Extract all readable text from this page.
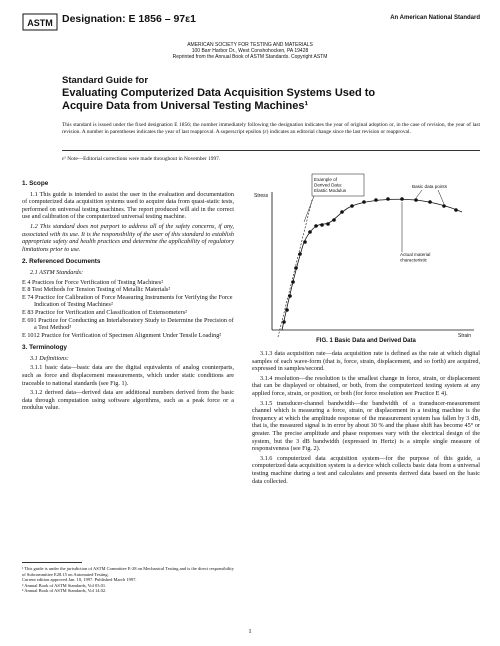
ASTM Designation: E 1856 – 97ε1	An American National Standard
AMERICAN SOCIETY FOR TESTING AND MATERIALS
100 Barr Harbor Dr., West Conshohocken, PA 19428
Reprinted from the Annual Book of ASTM Standards. Copyright ASTM
Standard Guide for
Evaluating Computerized Data Acquisition Systems Used to
Acquire Data from Universal Testing Machines¹
This standard is issued under the fixed designation E 1856; the number immediately following the designation indicates the year of original adoption or, in the case of revision, the year of last revision. A number in parentheses indicates the year of last reapproval. A superscript epsilon (ε) indicates an editorial change since the last revision or reapproval.
ε¹ Note—Editorial corrections were made throughout in November 1997.
1. Scope

1.1 This guide is intended to assist the user in the evaluation and documentation of computerized data acquisition systems used to acquire data from quasi-static tests, performed on universal testing machines. The report produced will aid in the correct use and calibration of the computerized universal testing machine.

1.2 This standard does not purport to address all of the safety concerns, if any, associated with its use. It is the responsibility of the user of this standard to establish appropriate safety and health practices and determine the applicability of regulatory limitations prior to use.

2. Referenced Documents

2.1 ASTM Standards:

E 4 Practices for Force Verification of Testing Machines²

E 8 Test Methods for Tension Testing of Metallic Materials²

E 74 Practice for Calibration of Force Measuring Instruments for Verifying the Force Indication of Testing Machines²

E 83 Practice for Verification and Classification of Extensometers²

E 691 Practice for Conducting an Interlaboratory Study to Determine the Precision of a Test Method³

E 1012 Practice for Verification of Specimen Alignment Under Tensile Loading²

3. Terminology

3.1 Definitions:

3.1.1 basic data—basic data are the digital equivalents of analog counterparts, such as force and displacement measurements, which under static conditions are traceable to national standards (see Fig. 1).

3.1.2 derived data—derived data are additional numbers derived from the basic data through computation using software algorithms, such as a peak force or a modulus value.

¹ This guide is under the jurisdiction of ASTM Committee E-28 on Mechanical Testing and is the direct responsibility of Subcommittee E28.15 on Automated Testing.
Current edition approved Jan. 10, 1997. Published March 1997.
² Annual Book of ASTM Standards, Vol 03.01.
³ Annual Book of ASTM Standards, Vol 14.02.
Stress
Strain
Example of Derived Data: Elastic Modulus
Basic data points
Actual material characteristic
FIG. 1 Basic Data and Derived Data

3.1.3 data acquisition rate—data acquisition rate is defined as the rate at which digital samples of each wave-form (that is, force, strain, displacement, and so forth) are acquired, expressed in samples/second.

3.1.4 resolution—the resolution is the smallest change in force, strain, or displacement that can be displayed or obtained, or both, from the computerized testing system at any applied force, strain, or position, or both (for force resolution see Practice E 4).

3.1.5 transducer-channel bandwidth—the bandwidth of a transducer-measurement channel which is measuring a force, strain, or displacement in a testing machine is the frequency at which the amplitude response of the measurement system has fallen by 3 dB, that is, the measured signal is in error by about 30 % and the phase shift has become 45° or greater. The precise amplitude and phase responses vary with the electrical design of the system, but the 3 dB bandwidth (expressed in Hertz) is a simple single measure of responsiveness (see Fig. 2).

3.1.6 computerized data acquisition system—for the purpose of this guide, a computerized data acquisition system is a device which collects basic data from a universal testing machine during a test and calculates and presents derived data based on the basic data collected.

1
